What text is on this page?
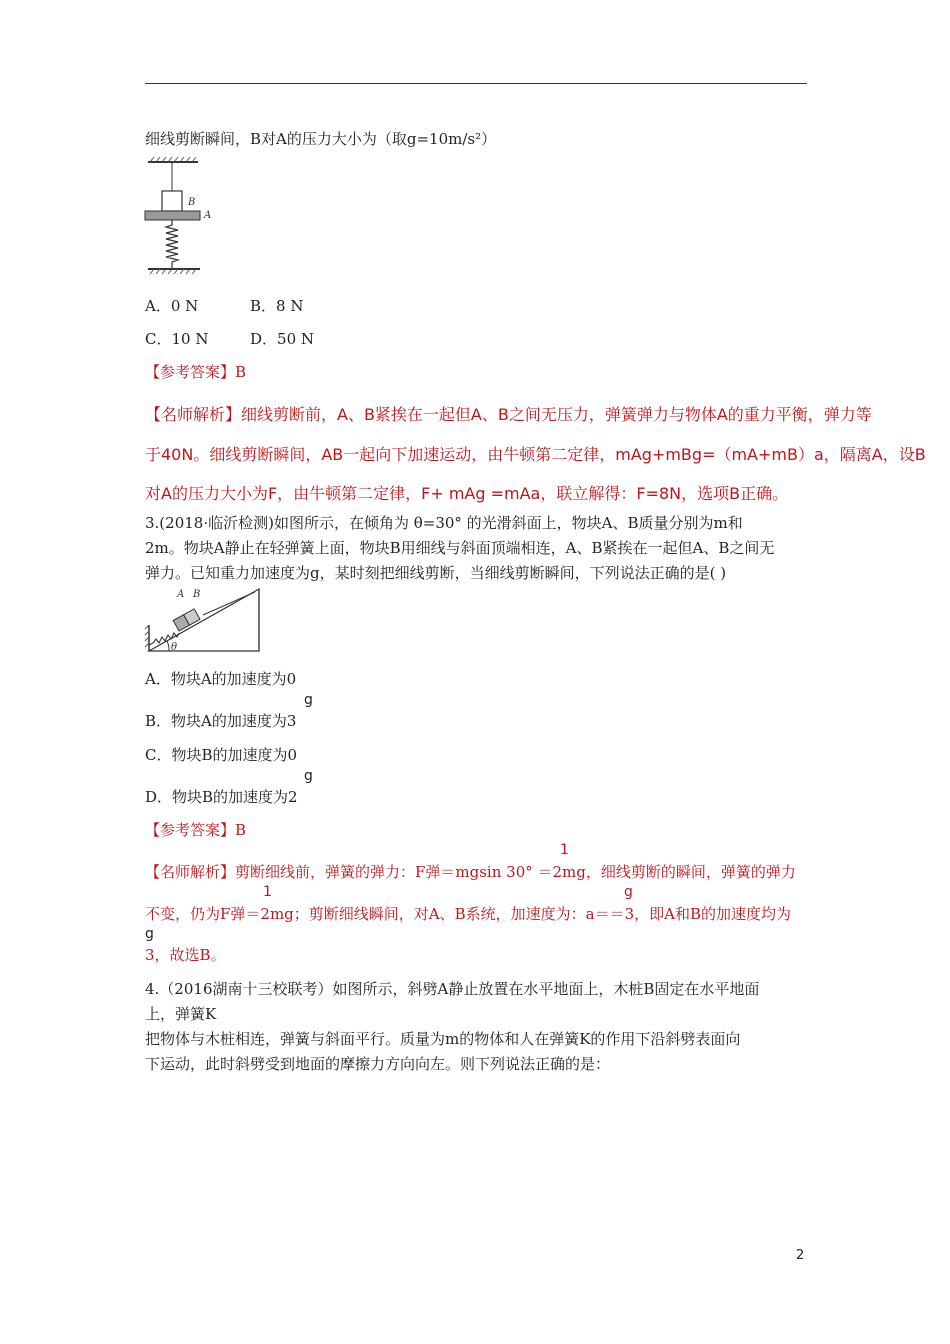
细线剪断瞬间，B对A的压力大小为（取g=10m/s²）
B
A
A．0 N	B．8 N
C．10 N	D．50 N
【参考答案】B
【名师解析】细线剪断前，A、B紧挨在一起但A、B之间无压力，弹簧弹力与物体A的重力平衡，弹力等
于40N。细线剪断瞬间，AB一起向下加速运动，由牛顿第二定律，mAg+mBg=（mA+mB）a，隔离A，设B
对A的压力大小为F，由牛顿第二定律，F+ mAg =mAa，联立解得：F=8N，选项B正确。
3.(2018·临沂检测)如图所示，在倾角为 θ=30° 的光滑斜面上，物块A、B质量分别为m和
2m。物块A静止在轻弹簧上面，物块B用细线与斜面顶端相连，A、B紧挨在一起但A、B之间无
弹力。已知重力加速度为g，某时刻把细线剪断，当细线剪断瞬间，下列说法正确的是( )
A B
θ
A．物块A的加速度为0
g
B．物块A的加速度为3
C．物块B的加速度为0
g
D．物块B的加速度为2
【参考答案】B
1
【名师解析】剪断细线前，弹簧的弹力：F弹＝mgsin 30° ＝2mg，细线剪断的瞬间，弹簧的弹力
1	g
不变，仍为F弹＝2mg；剪断细线瞬间，对A、B系统，加速度为：a＝＝3，即A和B的加速度均为
g
3，故选B。
4.（2016湖南十三校联考）如图所示，斜劈A静止放置在水平地面上，木桩B固定在水平地面
上，弹簧K
把物体与木桩相连，弹簧与斜面平行。质量为m的物体和人在弹簧K的作用下沿斜劈表面向
下运动，此时斜劈受到地面的摩擦力方向向左。则下列说法正确的是：
2
